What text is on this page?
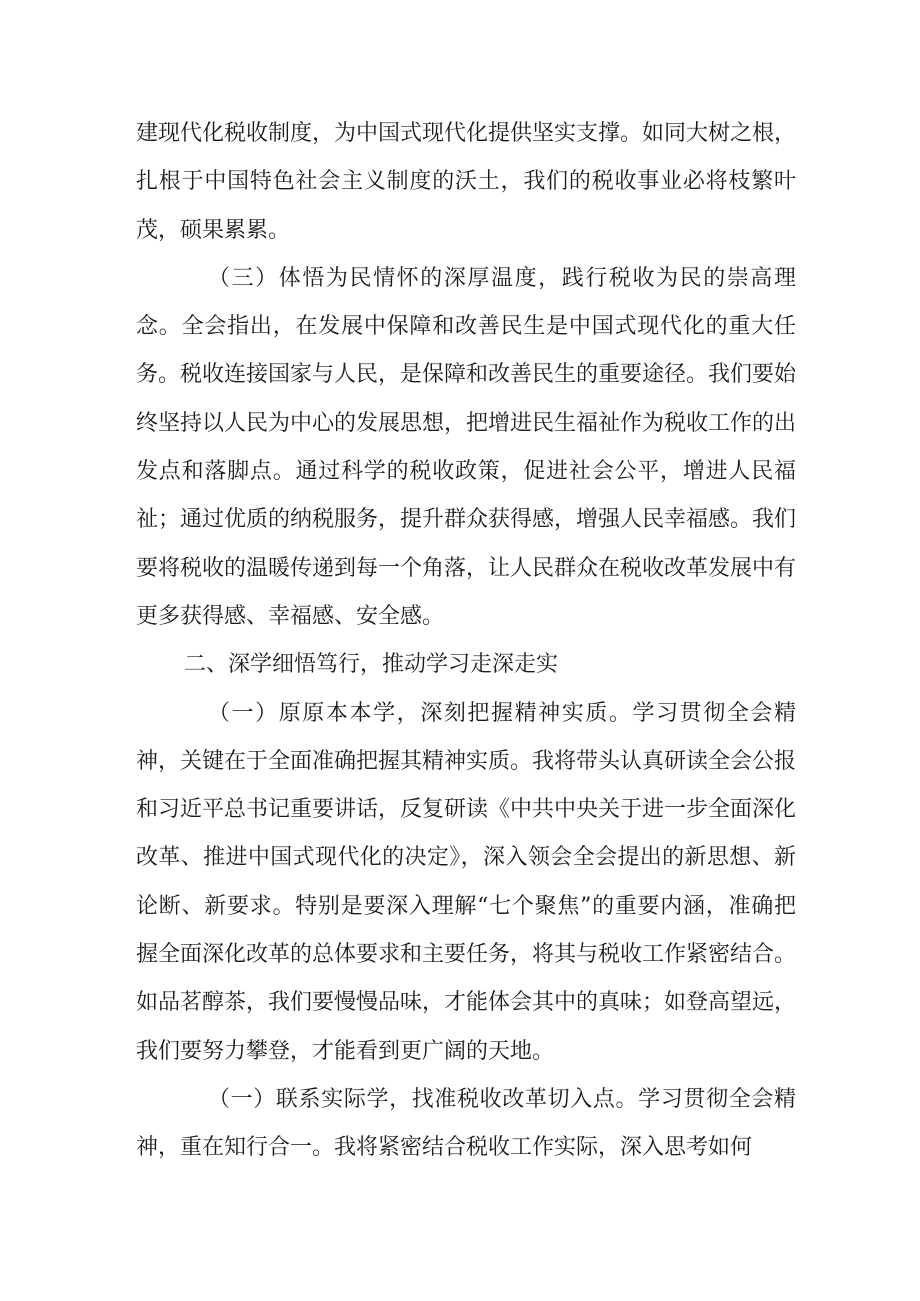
建现代化税收制度，为中国式现代化提供坚实支撑。如同大树之根，扎根于中国特色社会主义制度的沃土，我们的税收事业必将枝繁叶茂，硕果累累。

（三）体悟为民情怀的深厚温度，践行税收为民的崇高理念。全会指出，在发展中保障和改善民生是中国式现代化的重大任务。税收连接国家与人民，是保障和改善民生的重要途径。我们要始终坚持以人民为中心的发展思想，把增进民生福祉作为税收工作的出发点和落脚点。通过科学的税收政策，促进社会公平，增进人民福祉；通过优质的纳税服务，提升群众获得感，增强人民幸福感。我们要将税收的温暖传递到每一个角落，让人民群众在税收改革发展中有更多获得感、幸福感、安全感。

二、深学细悟笃行，推动学习走深走实

（一）原原本本学，深刻把握精神实质。学习贯彻全会精神，关键在于全面准确把握其精神实质。我将带头认真研读全会公报和习近平总书记重要讲话，反复研读《中共中央关于进一步全面深化改革、推进中国式现代化的决定》，深入领会全会提出的新思想、新论断、新要求。特别是要深入理解“七个聚焦”的重要内涵，准确把握全面深化改革的总体要求和主要任务，将其与税收工作紧密结合。如品茗醇茶，我们要慢慢品味，才能体会其中的真味；如登高望远，我们要努力攀登，才能看到更广阔的天地。

（一）联系实际学，找准税收改革切入点。学习贯彻全会精神，重在知行合一。我将紧密结合税收工作实际，深入思考如何
